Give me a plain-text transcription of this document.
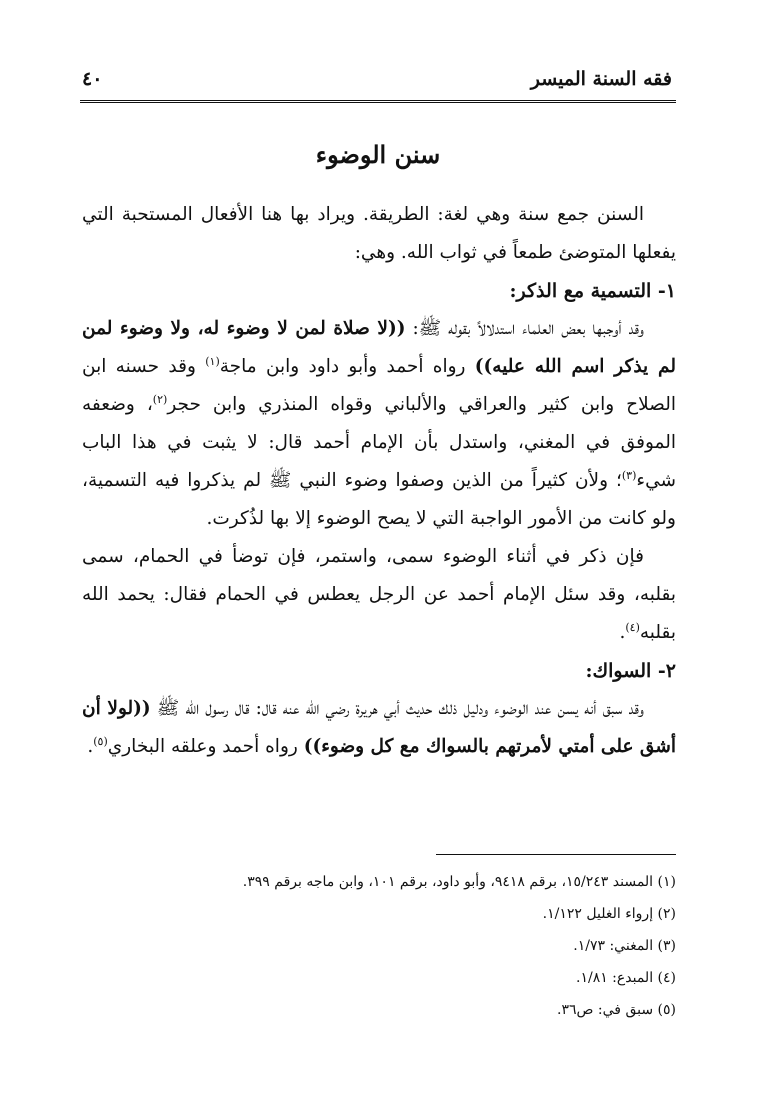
فقه السنة الميسر
٤٠
سنن الوضوء

السنن جمع سنة وهي لغة: الطريقة. ويراد بها هنا الأفعال المستحبة التي يفعلها المتوضئ طمعاً في ثواب الله. وهي:

١- التسمية مع الذكر:

وقد أوجبها بعض العلماء استدلالاً بقوله ﷺ: ((لا صلاة لمن لا وضوء له، ولا وضوء لمن لم يذكر اسم الله عليه)) رواه أحمد وأبو داود وابن ماجة$^{(١)}$ وقد حسنه ابن الصلاح وابن كثير والعراقي والألباني وقواه المنذري وابن حجر$^{(٢)}$، وضعفه الموفق في المغني، واستدل بأن الإمام أحمد قال: لا يثبت في هذا الباب شيء$^{(٣)}$؛ ولأن كثيراً من الذين وصفوا وضوء النبي ﷺ لم يذكروا فيه التسمية، ولو كانت من الأمور الواجبة التي لا يصح الوضوء إلا بها لذُكرت.

فإن ذكر في أثناء الوضوء سمى، واستمر، فإن توضأ في الحمام، سمى بقلبه، وقد سئل الإمام أحمد عن الرجل يعطس في الحمام فقال: يحمد الله بقلبه$^{(٤)}$.

٢- السواك:

وقد سبق أنه يسن عند الوضوء ودليل ذلك حديث أبي هريرة رضي الله عنه قال: قال رسول الله ﷺ ((لولا أن أشق على أمتي لأمرتهم بالسواك مع كل وضوء)) رواه أحمد وعلقه البخاري$^{(٥)}$.

(١) المسند ١٥/٢٤٣، برقم ٩٤١٨، وأبو داود، برقم ١٠١، وابن ماجه برقم ٣٩٩.
(٢) إرواء الغليل ١/١٢٢.
(٣) المغني: ١/٧٣.
(٤) المبدع: ١/٨١.
(٥) سبق في: ص٣٦.
